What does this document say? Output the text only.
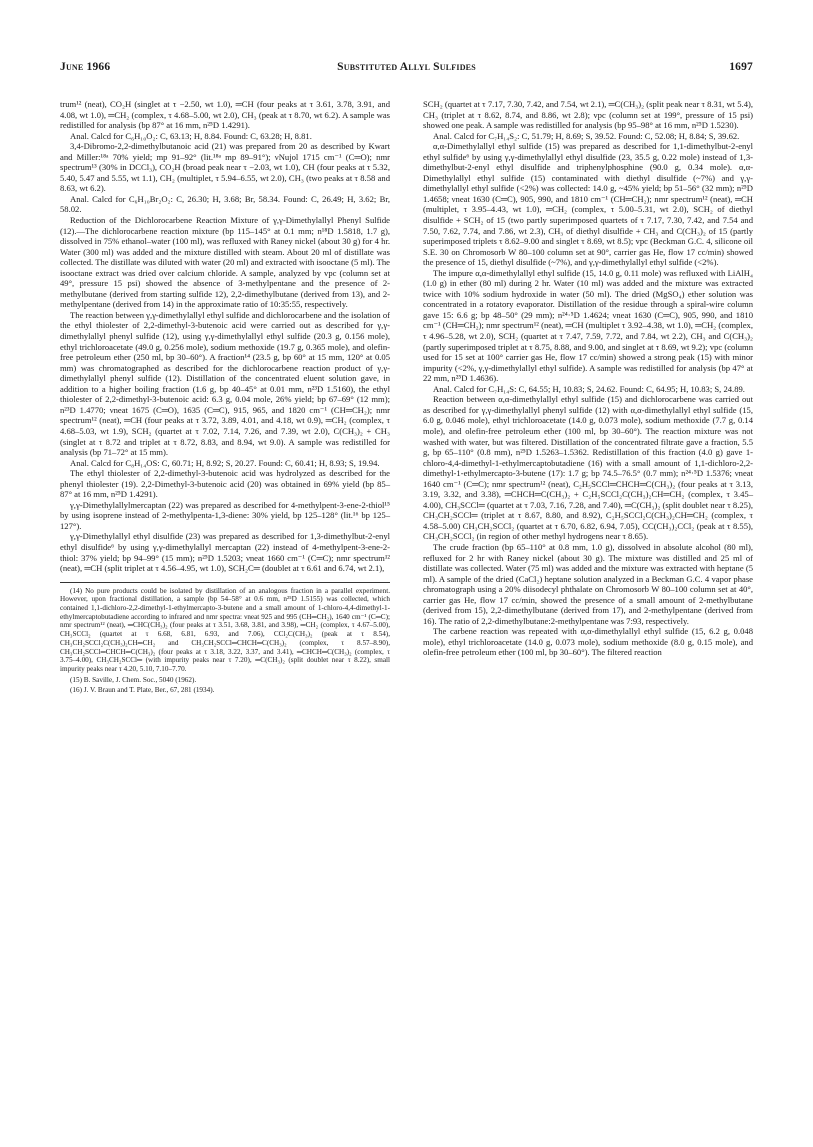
June 1966	Substituted Allyl Sulfides	1697

trum¹² (neat), CO₂H (singlet at τ −2.50, wt 1.0), ═CH (four peaks at τ 3.61, 3.78, 3.91, and 4.08, wt 1.0), ═CH₂ (complex, τ 4.68–5.00, wt 2.0), CH₃ (peak at τ 8.70, wt 6.2). A sample was redistilled for analysis (bp 87° at 16 mm, n²⁵D 1.4291).

Anal. Calcd for C₆H₁₀O₂: C, 63.13; H, 8.84. Found: C, 63.28; H, 8.81.

3,4-Dibromo-2,2-dimethylbutanoic acid (21) was prepared from 20 as described by Kwart and Miller:¹⁸ᵃ 70% yield; mp 91–92° (lit.¹⁸ᵃ mp 89–91°); νNujol 1715 cm⁻¹ (C═O); nmr spectrum¹³ (30% in DCCl₃), CO₂H (broad peak near τ −2.03, wt 1.0), CH (four peaks at τ 5.32, 5.40, 5.47 and 5.55, wt 1.1), CH₂ (multiplet, τ 5.94–6.55, wt 2.0), CH₃ (two peaks at τ 8.58 and 8.63, wt 6.2).

Anal. Calcd for C₆H₁₀Br₂O₂: C, 26.30; H, 3.68; Br, 58.34. Found: C, 26.49; H, 3.62; Br, 58.02.

Reduction of the Dichlorocarbene Reaction Mixture of γ,γ-Dimethylallyl Phenyl Sulfide (12).—The dichlorocarbene reaction mixture (bp 115–145° at 0.1 mm; n¹⁸D 1.5818, 1.7 g), dissolved in 75% ethanol–water (100 ml), was refluxed with Raney nickel (about 30 g) for 4 hr. Water (300 ml) was added and the mixture distilled with steam. About 20 ml of distillate was collected. The distillate was diluted with water (20 ml) and extracted with isooctane (5 ml). The isooctane extract was dried over calcium chloride. A sample, analyzed by vpc (column set at 49°, pressure 15 psi) showed the absence of 3-methylpentane and the presence of 2-methylbutane (derived from starting sulfide 12), 2,2-dimethylbutane (derived from 13), and 2-methylpentane (derived from 14) in the approximate ratio of 10:35:55, respectively.

The reaction between γ,γ-dimethylallyl ethyl sulfide and dichlorocarbene and the isolation of the ethyl thiolester of 2,2-dimethyl-3-butenoic acid were carried out as described for γ,γ-dimethylallyl phenyl sulfide (12), using γ,γ-dimethylallyl ethyl sulfide (20.3 g, 0.156 mole), ethyl trichloroacetate (49.0 g, 0.256 mole), sodium methoxide (19.7 g, 0.365 mole), and olefin-free petroleum ether (250 ml, bp 30–60°). A fraction¹⁴ (23.5 g, bp 60° at 15 mm, 120° at 0.05 mm) was chromatographed as described for the dichlorocarbene reaction product of γ,γ-dimethylallyl phenyl sulfide (12). Distillation of the concentrated eluent solution gave, in addition to a higher boiling fraction (1.6 g, bp 40–45° at 0.01 mm, n²³D 1.5160), the ethyl thiolester of 2,2-dimethyl-3-butenoic acid: 6.3 g, 0.04 mole, 26% yield; bp 67–69° (12 mm); n²³D 1.4770; νneat 1675 (C═O), 1635 (C═C), 915, 965, and 1820 cm⁻¹ (CH═CH₂); nmr spectrum¹² (neat), ═CH (four peaks at τ 3.72, 3.89, 4.01, and 4.18, wt 0.9), ═CH₂ (complex, τ 4.68–5.03, wt 1.9), SCH₂ (quartet at τ 7.02, 7.14, 7.26, and 7.39, wt 2.0), C(CH₃)₂ + CH₃ (singlet at τ 8.72 and triplet at τ 8.72, 8.83, and 8.94, wt 9.0). A sample was redistilled for analysis (bp 71–72° at 15 mm).

Anal. Calcd for C₈H₁₄OS: C, 60.71; H, 8.92; S, 20.27. Found: C, 60.41; H, 8.93; S, 19.94.

The ethyl thiolester of 2,2-dimethyl-3-butenoic acid was hydrolyzed as described for the phenyl thiolester (19). 2,2-Dimethyl-3-butenoic acid (20) was obtained in 69% yield (bp 85–87° at 16 mm, n²⁵D 1.4291).

γ,γ-Dimethylallylmercaptan (22) was prepared as described for 4-methylpent-3-ene-2-thiol¹⁵ by using isoprene instead of 2-methylpenta-1,3-diene: 30% yield, bp 125–128° (lit.¹⁶ bp 125–127°).

γ,γ-Dimethylallyl ethyl disulfide (23) was prepared as described for 1,3-dimethylbut-2-enyl ethyl disulfide⁶ by using γ,γ-dimethylallyl mercaptan (22) instead of 4-methylpent-3-ene-2-thiol: 37% yield; bp 94–99° (15 mm); n²⁵D 1.5203; νneat 1660 cm⁻¹ (C═C); nmr spectrum¹² (neat), ═CH (split triplet at τ 4.56–4.95, wt 1.0), SCH₂C═ (doublet at τ 6.61 and 6.74, wt 2.1),

(14) No pure products could be isolated by distillation of an analogous fraction in a parallel experiment. However, upon fractional distillation, a sample (bp 54–58° at 0.6 mm, n²⁵D 1.5155) was collected, which contained 1,1-dichloro-2,2-dimethyl-1-ethylmercapto-3-butene and a small amount of 1-chloro-4,4-dimethyl-1-ethylmercaptobutadiene according to infrared and nmr spectra: νneat 925 and 995 (CH═CH₂), 1640 cm⁻¹ (C═C); nmr spectrum¹² (neat), ═CHC(CH₃)₂ (four peaks at τ 3.51, 3.68, 3.81, and 3.98), ═CH₂ (complex, τ 4.67–5.00), CH₃SCCl₂ (quartet at τ 6.68, 6.81, 6.93, and 7.06), CCl₂C(CH₃)₂ (peak at τ 8.54), CH₃CH₂SCCl₂C(CH₃)₂CH═CH₂ and CH₃CH₂SCCl═CHCH═C(CH₃)₂ (complex, τ 8.57–8.90), CH₃CH₂SCCl═CHCH═C(CH₃)₂ (four peaks at τ 3.18, 3.22, 3.37, and 3.41), ═CHCH═C(CH₃)₂ (complex, τ 3.75–4.00), CH₃CH₂SCCl═ (with impurity peaks near τ 7.20), ═C(CH₃)₂ (split doublet near τ 8.22), small impurity peaks near τ 4.20, 5.10, 7.10–7.70.

(15) B. Saville, J. Chem. Soc., 5040 (1962).

(16) J. V. Braun and T. Plate, Ber., 67, 281 (1934).

SCH₂ (quartet at τ 7.17, 7.30, 7.42, and 7.54, wt 2.1), ═C(CH₃)₂ (split peak near τ 8.31, wt 5.4), CH₃ (triplet at τ 8.62, 8.74, and 8.86, wt 2.8); vpc (column set at 199°, pressure of 15 psi) showed one peak. A sample was redistilled for analysis (bp 95–98° at 16 mm, n²⁵D 1.5230).

Anal. Calcd for C₇H₁₄S₂: C, 51.79; H, 8.69; S, 39.52. Found: C, 52.08; H, 8.84; S, 39.62.

α,α-Dimethylallyl ethyl sulfide (15) was prepared as described for 1,1-dimethylbut-2-enyl ethyl sulfide⁶ by using γ,γ-dimethylallyl ethyl disulfide (23, 35.5 g, 0.22 mole) instead of 1,3-dimethylbut-2-enyl ethyl disulfide and triphenylphosphine (90.0 g, 0.34 mole). α,α-Dimethylallyl ethyl sulfide (15) contaminated with diethyl disulfide (~7%) and γ,γ-dimethylallyl ethyl sulfide (<2%) was collected: 14.0 g, ~45% yield; bp 51–56° (32 mm); n²⁵D 1.4658; νneat 1630 (C═C), 905, 990, and 1810 cm⁻¹ (CH═CH₂); nmr spectrum¹² (neat), ═CH (multiplet, τ 3.95–4.43, wt 1.0), ═CH₂ (complex, τ 5.00–5.31, wt 2.0), SCH₂ of diethyl disulfide + SCH₂ of 15 (two partly superimposed quartets of τ 7.17, 7.30, 7.42, and 7.54 and 7.50, 7.62, 7.74, and 7.86, wt 2.3), CH₃ of diethyl disulfide + CH₃ and C(CH₃)₂ of 15 (partly superimposed triplets τ 8.62–9.00 and singlet τ 8.69, wt 8.5); vpc (Beckman G.C. 4, silicone oil S.E. 30 on Chromosorb W 80–100 column set at 90°, carrier gas He, flow 17 cc/min) showed the presence of 15, diethyl disulfide (~7%), and γ,γ-dimethylallyl ethyl sulfide (<2%).

The impure α,α-dimethylallyl ethyl sulfide (15, 14.0 g, 0.11 mole) was refluxed with LiAlH₄ (1.0 g) in ether (80 ml) during 2 hr. Water (10 ml) was added and the mixture was extracted twice with 10% sodium hydroxide in water (50 ml). The dried (MgSO₄) ether solution was concentrated in a rotatory evaporator. Distillation of the residue through a spiral-wire column gave 15: 6.6 g; bp 48–50° (29 mm); n²⁴·⁵D 1.4624; νneat 1630 (C═C), 905, 990, and 1810 cm⁻¹ (CH═CH₂); nmr spectrum¹² (neat), ═CH (multiplet τ 3.92–4.38, wt 1.0), ═CH₂ (complex, τ 4.96–5.28, wt 2.0), SCH₂ (quartet at τ 7.47, 7.59, 7.72, and 7.84, wt 2.2), CH₃ and C(CH₃)₂ (partly superimposed triplet at τ 8.75, 8.88, and 9.00, and singlet at τ 8.69, wt 9.2); vpc (column used for 15 set at 100° carrier gas He, flow 17 cc/min) showed a strong peak (15) with minor impurity (<2%, γ,γ-dimethylallyl ethyl sulfide). A sample was redistilled for analysis (bp 47° at 22 mm, n²⁵D 1.4636).

Anal. Calcd for C₇H₁₄S: C, 64.55; H, 10.83; S, 24.62. Found: C, 64.95; H, 10.83; S, 24.89.

Reaction between α,α-dimethylallyl ethyl sulfide (15) and dichlorocarbene was carried out as described for γ,γ-dimethylallyl phenyl sulfide (12) with α,α-dimethylallyl ethyl sulfide (15, 6.0 g, 0.046 mole), ethyl trichloroacetate (14.0 g, 0.073 mole), sodium methoxide (7.7 g, 0.14 mole), and olefin-free petroleum ether (100 ml, bp 30–60°). The reaction mixture was not washed with water, but was filtered. Distillation of the concentrated filtrate gave a fraction, 5.5 g, bp 65–110° (0.8 mm), n²⁵D 1.5263–1.5362. Redistillation of this fraction (4.0 g) gave 1-chloro-4,4-dimethyl-1-ethylmercaptobutadiene (16) with a small amount of 1,1-dichloro-2,2-dimethyl-1-ethylmercapto-3-butene (17): 1.7 g; bp 74.5–76.5° (0.7 mm); n²⁴·⁵D 1.5376; νneat 1640 cm⁻¹ (C═C); nmr spectrum¹² (neat), C₂H₅SCCl═CHCH═C(CH₃)₂ (four peaks at τ 3.13, 3.19, 3.32, and 3.38), ═CHCH═C(CH₃)₂ + C₂H₅SCCl₂C(CH₃)₂CH═CH₂ (complex, τ 3.45–4.00), CH₃SCCl═ (quartet at τ 7.03, 7.16, 7.28, and 7.40), ═C(CH₃)₂ (split doublet near τ 8.25), CH₃CH₂SCCl═ (triplet at τ 8.67, 8.80, and 8.92), C₂H₅SCCl₂C(CH₃)₂CH═CH₂ (complex, τ 4.58–5.00) CH₃CH₂SCCl₂ (quartet at τ 6.70, 6.82, 6.94, 7.05), CC(CH₃)₂CCl₂ (peak at τ 8.55), CH₃CH₂SCCl₂ (in region of other methyl hydrogens near τ 8.65).

The crude fraction (bp 65–110° at 0.8 mm, 1.0 g), dissolved in absolute alcohol (80 ml), refluxed for 2 hr with Raney nickel (about 30 g). The mixture was distilled and 25 ml of distillate was collected. Water (75 ml) was added and the mixture was extracted with heptane (5 ml). A sample of the dried (CaCl₂) heptane solution analyzed in a Beckman G.C. 4 vapor phase chromatograph using a 20% diisodecyl phthalate on Chromosorb W 80–100 column set at 40°, carrier gas He, flow 17 cc/min, showed the presence of a small amount of 2-methylbutane (derived from 15), 2,2-dimethylbutane (derived from 17), and 2-methylpentane (derived from 16). The ratio of 2,2-dimethylbutane:2-methylpentane was 7:93, respectively.

The carbene reaction was repeated with α,α-dimethylallyl ethyl sulfide (15, 6.2 g, 0.048 mole), ethyl trichloroacetate (14.0 g, 0.073 mole), sodium methoxide (8.0 g, 0.15 mole), and olefin-free petroleum ether (100 ml, bp 30–60°). The filtered reaction
